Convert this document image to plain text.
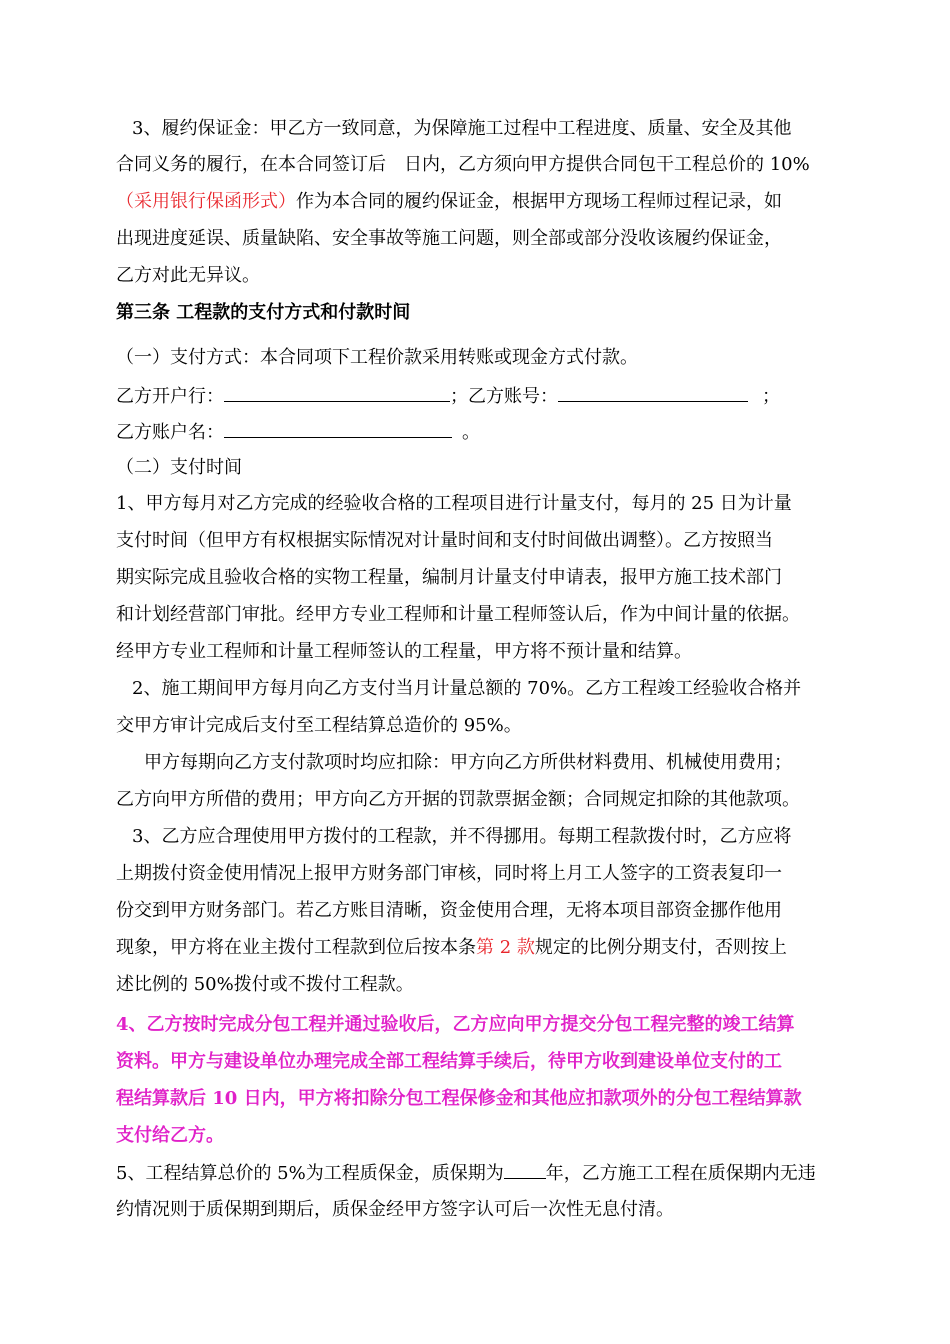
3、履约保证金：甲乙方一致同意，为保障施工过程中工程进度、质量、安全及其他
合同义务的履行，在本合同签订后　日内，乙方须向甲方提供合同包干工程总价的 10%
（采用银行保函形式）作为本合同的履约保证金，根据甲方现场工程师过程记录，如
出现进度延误、质量缺陷、安全事故等施工问题，则全部或部分没收该履约保证金，
乙方对此无异议。
第三条 工程款的支付方式和付款时间
（一）支付方式：本合同项下工程价款采用转账或现金方式付款。
乙方开户行：	；乙方账号：	；
乙方账户名：	。
（二）支付时间
1、甲方每月对乙方完成的经验收合格的工程项目进行计量支付，每月的 25 日为计量
支付时间（但甲方有权根据实际情况对计量时间和支付时间做出调整）。乙方按照当
期实际完成且验收合格的实物工程量，编制月计量支付申请表，报甲方施工技术部门
和计划经营部门审批。经甲方专业工程师和计量工程师签认后，作为中间计量的依据。
经甲方专业工程师和计量工程师签认的工程量，甲方将不预计量和结算。
2、施工期间甲方每月向乙方支付当月计量总额的 70%。乙方工程竣工经验收合格并
交甲方审计完成后支付至工程结算总造价的 95%。
甲方每期向乙方支付款项时均应扣除：甲方向乙方所供材料费用、机械使用费用；
乙方向甲方所借的费用；甲方向乙方开据的罚款票据金额；合同规定扣除的其他款项。
3、乙方应合理使用甲方拨付的工程款，并不得挪用。每期工程款拨付时，乙方应将
上期拨付资金使用情况上报甲方财务部门审核，同时将上月工人签字的工资表复印一
份交到甲方财务部门。若乙方账目清晰，资金使用合理，无将本项目部资金挪作他用
现象，甲方将在业主拨付工程款到位后按本条第 2 款规定的比例分期支付，否则按上
述比例的 50%拨付或不拨付工程款。
4、乙方按时完成分包工程并通过验收后，乙方应向甲方提交分包工程完整的竣工结算
资料。甲方与建设单位办理完成全部工程结算手续后，待甲方收到建设单位支付的工
程结算款后 10 日内，甲方将扣除分包工程保修金和其他应扣款项外的分包工程结算款
支付给乙方。
5、工程结算总价的 5%为工程质保金，质保期为 年，乙方施工工程在质保期内无违
约情况则于质保期到期后，质保金经甲方签字认可后一次性无息付清。
